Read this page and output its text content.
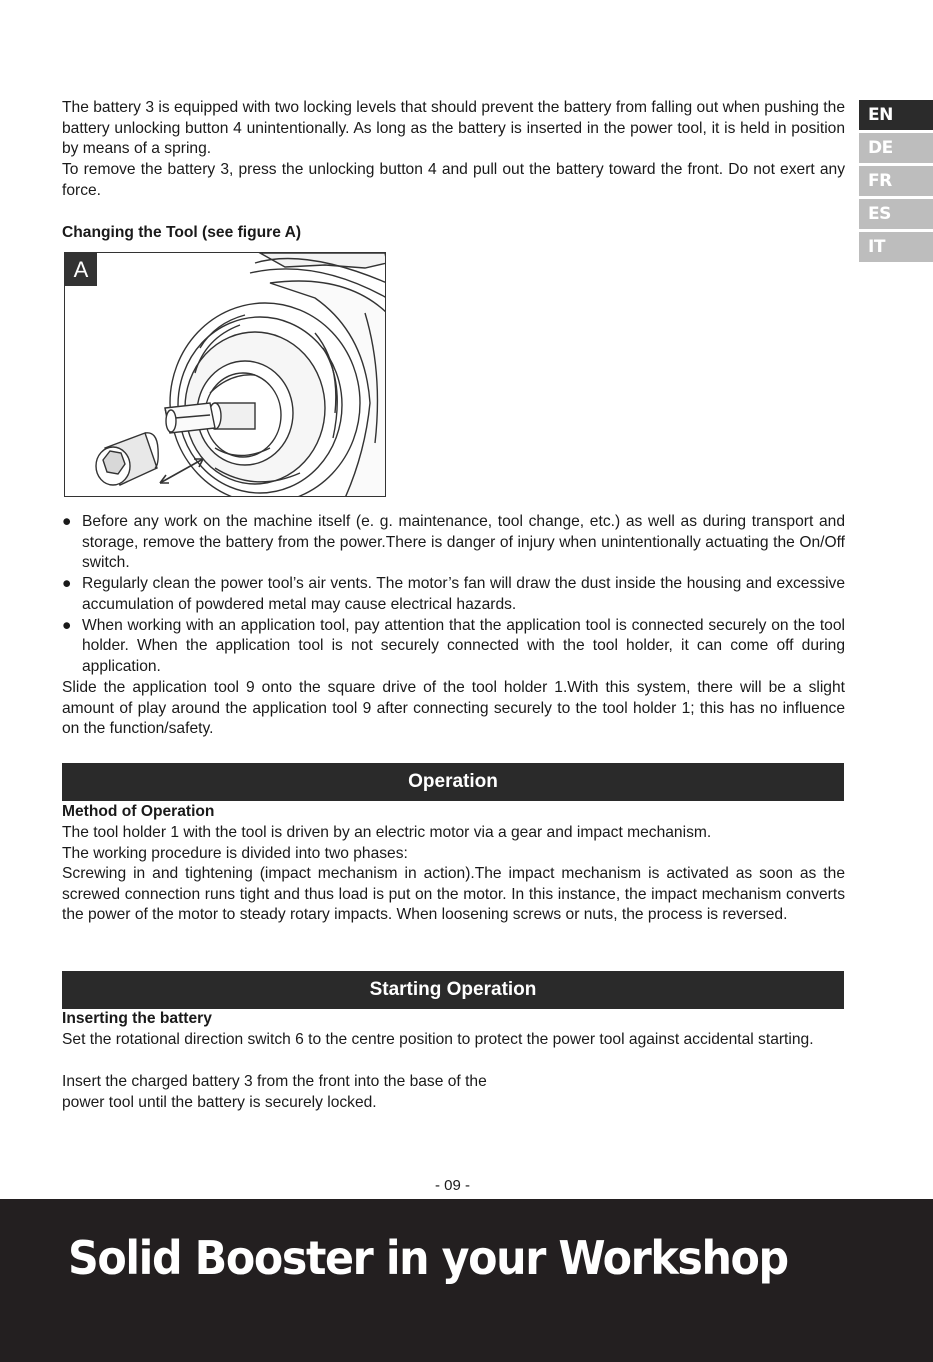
EN
DE
FR
ES
IT

The battery 3 is equipped with two locking levels that should prevent the battery from falling out when pushing the battery unlocking button 4 unintentionally. As long as the battery is inserted in the power tool, it is held in position by means of a spring.

To remove the battery 3, press the unlocking button 4 and pull out the battery toward the front. Do not exert any force.

Changing the Tool (see figure A)

A
● Before any work on the machine itself (e. g. maintenance, tool change, etc.) as well as during transport and storage, remove the battery from the power.There is danger of injury when unintentionally actuating the On/Off switch.
● Regularly clean the power tool’s air vents. The motor’s fan will draw the dust inside the housing and excessive accumulation of powdered metal may cause electrical hazards.
● When working with an application tool, pay attention that the application tool is connected securely on the tool holder. When the application tool is not securely connected with the tool holder, it can come off during application.

Slide the application tool 9 onto the square drive of the tool holder 1.With this system, there will be a slight amount of play around the application tool 9 after connecting securely to the tool holder 1; this has no influence on the function/safety.

Operation

Method of Operation

The tool holder 1 with the tool is driven by an electric motor via a gear and impact mechanism.

The working procedure is divided into two phases:

Screwing in and tightening (impact mechanism in action).The impact mechanism is activated as soon as the screwed connection runs tight and thus load is put on the motor. In this instance, the impact mechanism converts the power of the motor to steady rotary impacts. When loosening screws or nuts, the process is reversed.

Starting Operation

Inserting the battery

Set the rotational direction switch 6 to the centre position to protect the power tool against accidental starting.

Insert the charged battery 3 from the front into the base of the

power tool until the battery is securely locked.

- 09 -
Solid Booster in your Workshop
